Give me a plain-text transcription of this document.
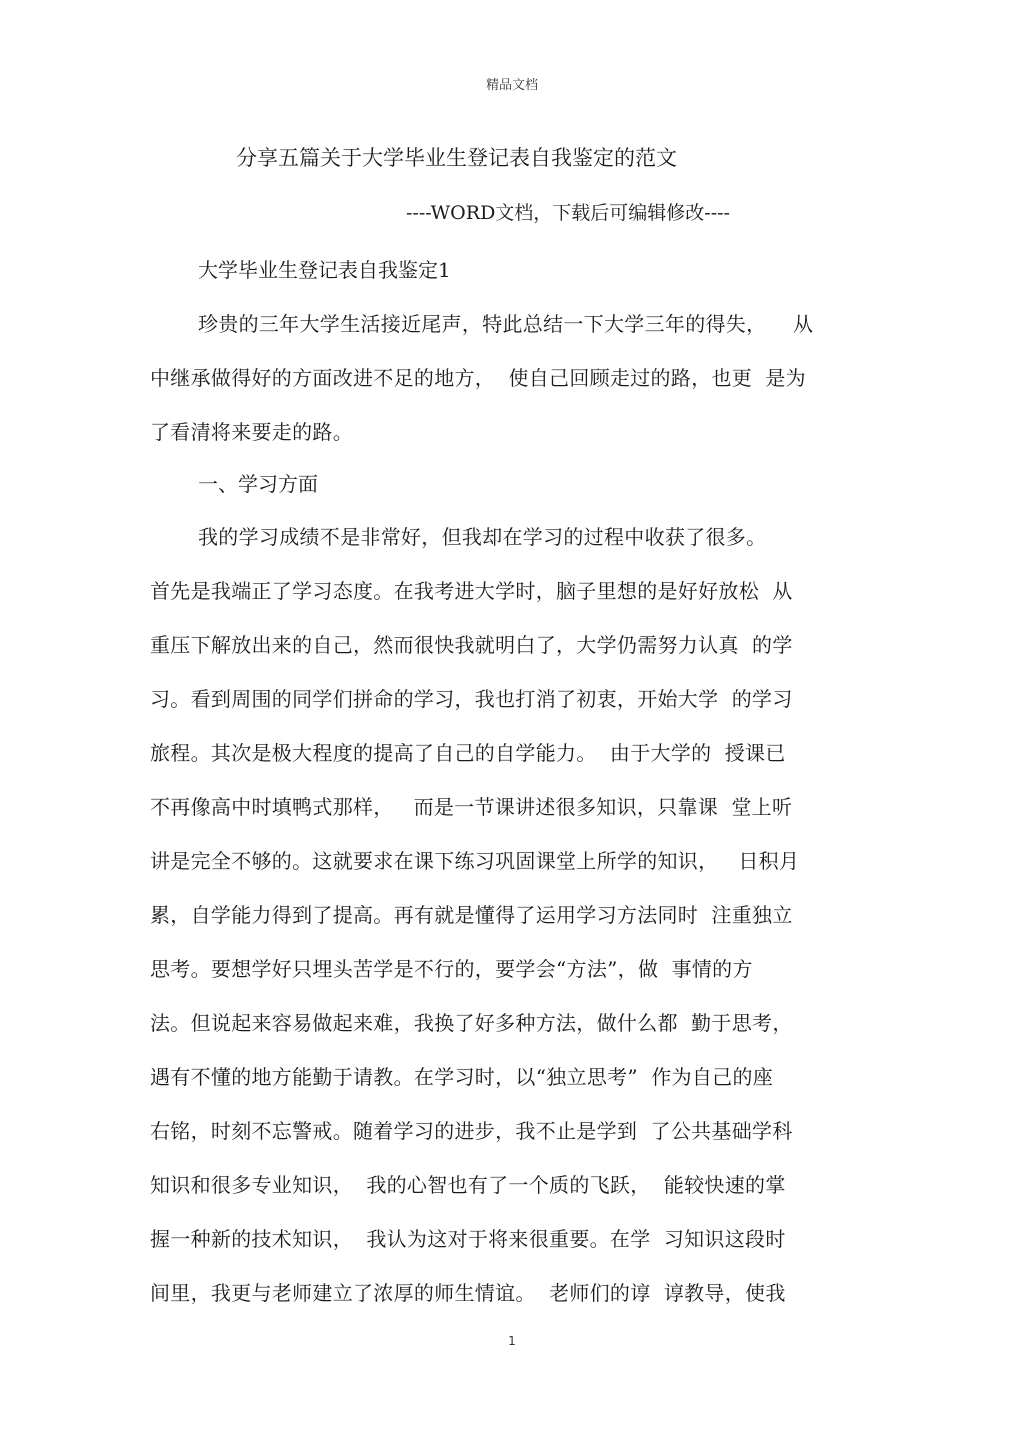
精品文档
分享五篇关于大学毕业生登记表自我鉴定的范文
----WORD文档，下载后可编辑修改----
大学毕业生登记表自我鉴定1
珍贵的三年大学生活接近尾声，特此总结一下大学三年的得失，    从
中继承做得好的方面改进不足的地方，  使自己回顾走过的路，也更  是为
了看清将来要走的路。
一、学习方面
我的学习成绩不是非常好，但我却在学习的过程中收获了很多。
首先是我端正了学习态度。在我考进大学时，脑子里想的是好好放松  从
重压下解放出来的自己，然而很快我就明白了，大学仍需努力认真  的学
习。看到周围的同学们拼命的学习，我也打消了初衷，开始大学  的学习
旅程。其次是极大程度的提高了自己的自学能力。  由于大学的  授课已
不再像高中时填鸭式那样，   而是一节课讲述很多知识，只靠课  堂上听
讲是完全不够的。这就要求在课下练习巩固课堂上所学的知识，   日积月
累，自学能力得到了提高。再有就是懂得了运用学习方法同时  注重独立
思考。要想学好只埋头苦学是不行的，要学会“方法”，做  事情的方
法。但说起来容易做起来难，我换了好多种方法，做什么都  勤于思考，
遇有不懂的地方能勤于请教。在学习时，以“独立思考”  作为自己的座
右铭，时刻不忘警戒。随着学习的进步，我不止是学到  了公共基础学科
知识和很多专业知识，  我的心智也有了一个质的飞跃，  能较快速的掌
握一种新的技术知识，  我认为这对于将来很重要。在学  习知识这段时
间里，我更与老师建立了浓厚的师生情谊。  老师们的谆  谆教导，使我
1
